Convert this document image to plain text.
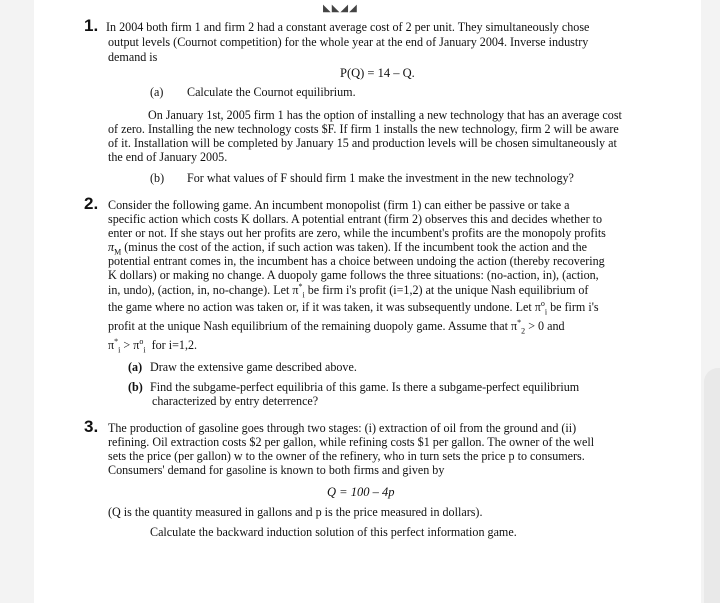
◣◣◢◢
1. In 2004 both firm 1 and firm 2 had a constant average cost of 2 per unit. They simultaneously chose
output levels (Cournot competition) for the whole year at the end of January 2004. Inverse industry
demand is
P(Q) = 14 – Q.
(a) Calculate the Cournot equilibrium.
On January 1st, 2005 firm 1 has the option of installing a new technology that has an average cost
of zero. Installing the new technology costs $F. If firm 1 installs the new technology, firm 2 will be aware
of it. Installation will be completed by January 15 and production levels will be chosen simultaneously at
the end of January 2005.
(b) For what values of F should firm 1 make the investment in the new technology?
2. Consider the following game. An incumbent monopolist (firm 1) can either be passive or take a
specific action which costs K dollars. A potential entrant (firm 2) observes this and decides whether to
enter or not. If she stays out her profits are zero, while the incumbent's profits are the monopoly profits
$\pi_M$ (minus the cost of the action, if such action was taken). If the incumbent took the action and the
potential entrant comes in, the incumbent has a choice between undoing the action (thereby recovering
K dollars) or making no change. A duopoly game follows the three situations: (no-action, in), (action,
in, undo), (action, in, no-change). Let $\pi^*_i$ be firm i's profit (i=1,2) at the unique Nash equilibrium of
the game where no action was taken or, if it was taken, it was subsequently undone. Let $\pi^o_i$ be firm i's
profit at the unique Nash equilibrium of the remaining duopoly game. Assume that $\pi^*_2 > 0$ and
$\pi^*_i > \pi^o_i$ for i=1,2.
(a) Draw the extensive game described above.
(b) Find the subgame-perfect equilibria of this game. Is there a subgame-perfect equilibrium
characterized by entry deterrence?
3. The production of gasoline goes through two stages: (i) extraction of oil from the ground and (ii)
refining. Oil extraction costs $2 per gallon, while refining costs $1 per gallon. The owner of the well
sets the price (per gallon) w to the owner of the refinery, who in turn sets the price p to consumers.
Consumers' demand for gasoline is known to both firms and given by
Q = 100 – 4p
(Q is the quantity measured in gallons and p is the price measured in dollars).
Calculate the backward induction solution of this perfect information game.
